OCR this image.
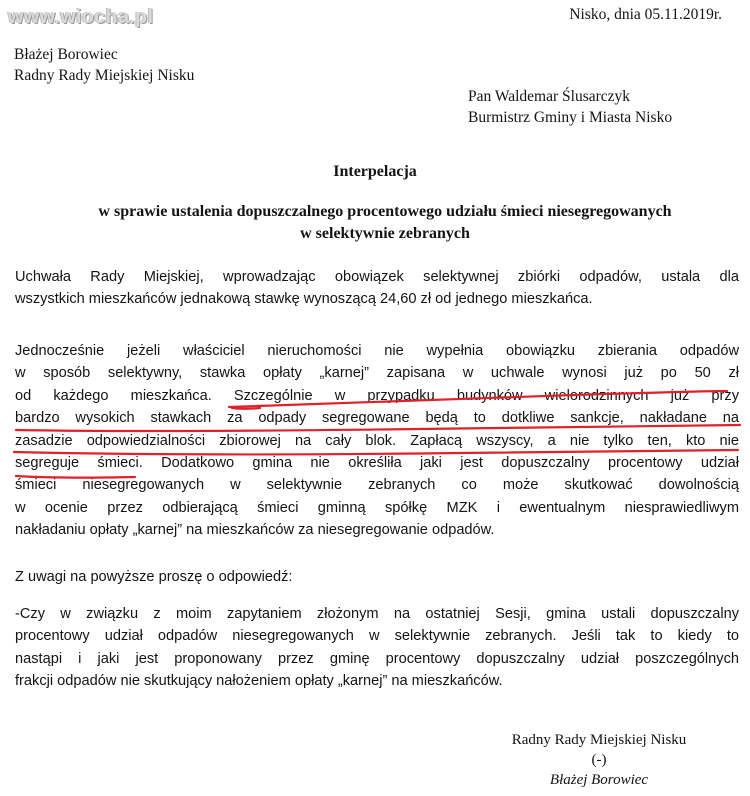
www.wiocha.pl	Nisko, dnia 05.11.2019r.
Błażej Borowiec
Radny Rady Miejskiej Nisku
Pan Waldemar Ślusarczyk
Burmistrz Gminy i Miasta Nisko
Interpelacja
w sprawie ustalenia dopuszczalnego procentowego udziału śmieci niesegregowanych
w selektywnie zebranych
Uchwała Rady Miejskiej, wprowadzając obowiązek selektywnej zbiórki odpadów, ustala dla
wszystkich mieszkańców jednakową stawkę wynoszącą 24,60 zł od jednego mieszkańca.
Jednocześnie jeżeli właściciel nieruchomości nie wypełnia obowiązku zbierania odpadów
w sposób selektywny, stawka opłaty „karnej” zapisana w uchwale wynosi już po 50 zł
od każdego mieszkańca. Szczególnie w przypadku budynków wielorodzinnych już przy
bardzo wysokich stawkach za odpady segregowane będą to dotkliwe sankcje, nakładane na
zasadzie odpowiedzialności zbiorowej na cały blok. Zapłacą wszyscy, a nie tylko ten, kto nie
segreguje śmieci. Dodatkowo gmina nie określiła jaki jest dopuszczalny procentowy udział
śmieci niesegregowanych w selektywnie zebranych co może skutkować dowolnością
w ocenie przez odbierającą śmieci gminną spółkę MZK i ewentualnym niesprawiedliwym
nakładaniu opłaty „karnej” na mieszkańców za niesegregowanie odpadów.
Z uwagi na powyższe proszę o odpowiedź:
-Czy w związku z moim zapytaniem złożonym na ostatniej Sesji, gmina ustali dopuszczalny
procentowy udział odpadów niesegregowanych w selektywnie zebranych. Jeśli tak to kiedy to
nastąpi i jaki jest proponowany przez gminę procentowy dopuszczalny udział poszczególnych
frakcji odpadów nie skutkujący nałożeniem opłaty „karnej” na mieszkańców.
Radny Rady Miejskiej Nisku
(-)
Błażej Borowiec
